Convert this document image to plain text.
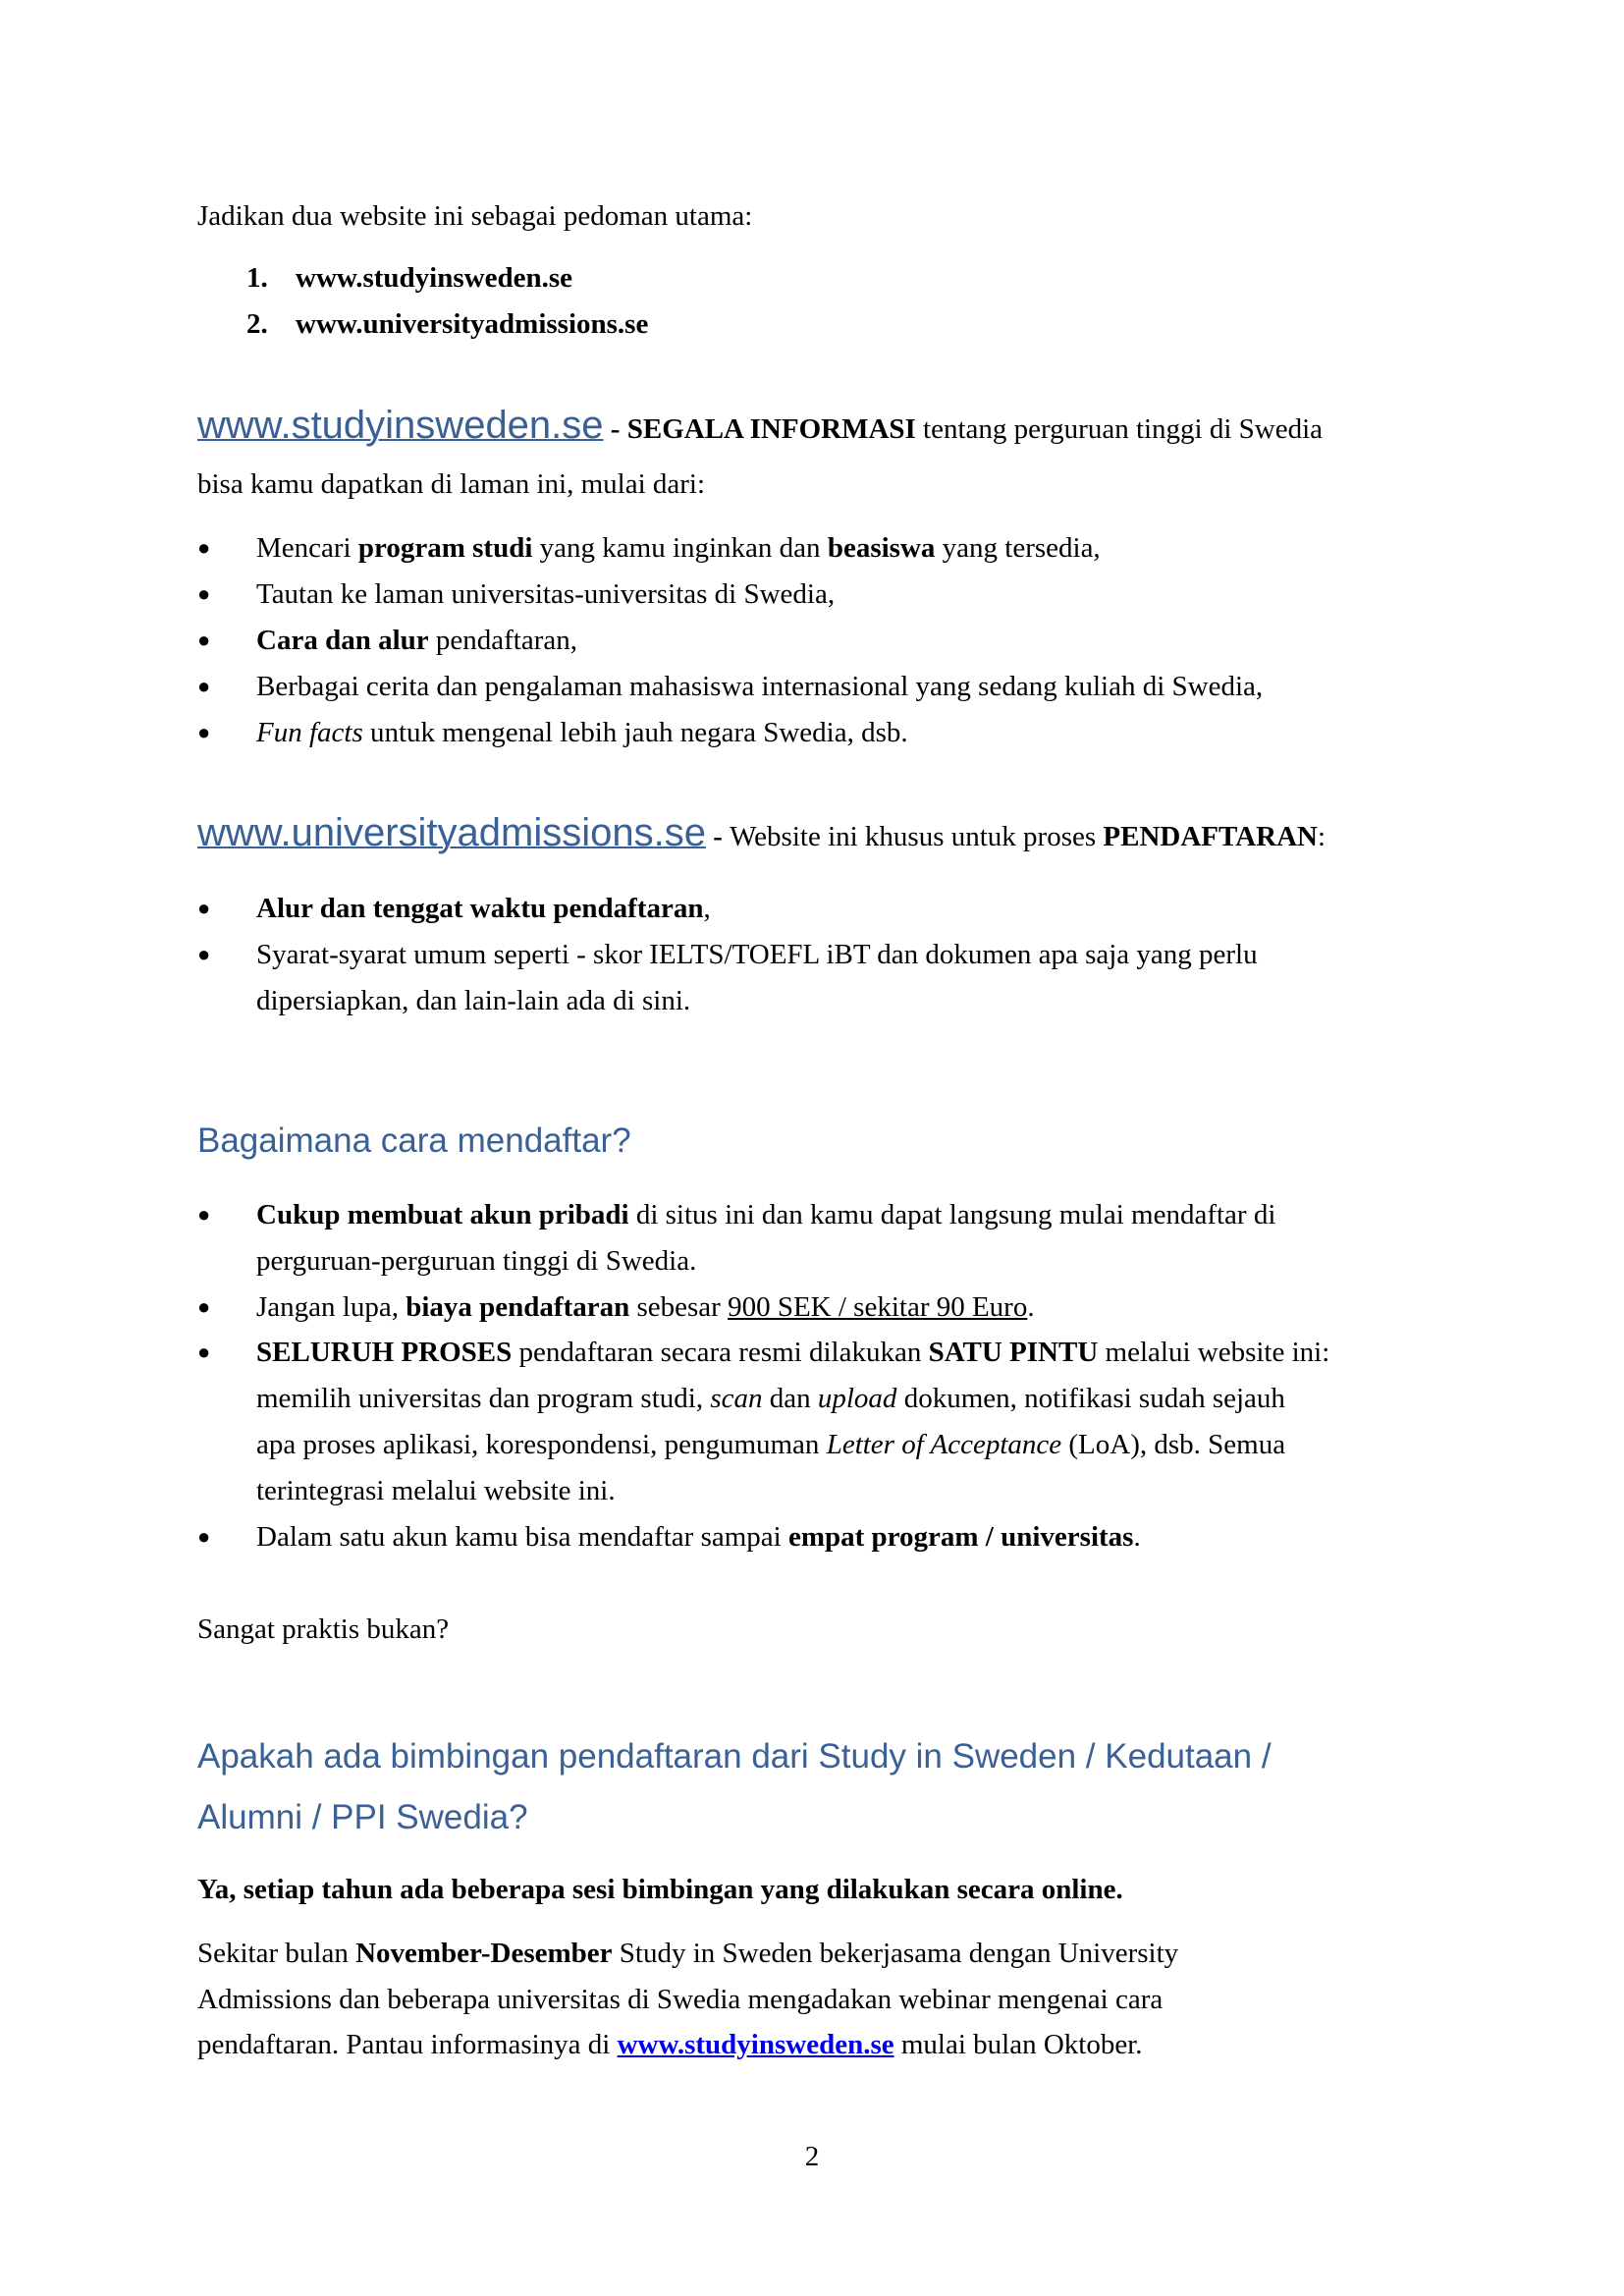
Jadikan dua website ini sebagai pedoman utama:
1. www.studyinsweden.se
2. www.universityadmissions.se
www.studyinsweden.se - SEGALA INFORMASI tentang perguruan tinggi di Swedia
bisa kamu dapatkan di laman ini, mulai dari:
● Mencari program studi yang kamu inginkan dan beasiswa yang tersedia,
● Tautan ke laman universitas-universitas di Swedia,
● Cara dan alur pendaftaran,
● Berbagai cerita dan pengalaman mahasiswa internasional yang sedang kuliah di Swedia,
● Fun facts untuk mengenal lebih jauh negara Swedia, dsb.
www.universityadmissions.se - Website ini khusus untuk proses PENDAFTARAN:
● Alur dan tenggat waktu pendaftaran,
● Syarat-syarat umum seperti - skor IELTS/TOEFL iBT dan dokumen apa saja yang perlu
dipersiapkan, dan lain-lain ada di sini.
● Cukup membuat akun pribadi di situs ini dan kamu dapat langsung mulai mendaftar di
perguruan-perguruan tinggi di Swedia.
● Jangan lupa, biaya pendaftaran sebesar 900 SEK / sekitar 90 Euro.
● SELURUH PROSES pendaftaran secara resmi dilakukan SATU PINTU melalui website ini:
memilih universitas dan program studi, scan dan upload dokumen, notifikasi sudah sejauh
apa proses aplikasi, korespondensi, pengumuman Letter of Acceptance (LoA), dsb. Semua
terintegrasi melalui website ini.
● Dalam satu akun kamu bisa mendaftar sampai empat program / universitas.
Sangat praktis bukan?
Ya, setiap tahun ada beberapa sesi bimbingan yang dilakukan secara online.
Sekitar bulan November-Desember Study in Sweden bekerjasama dengan University
Admissions dan beberapa universitas di Swedia mengadakan webinar mengenai cara
pendaftaran. Pantau informasinya di www.studyinsweden.se mulai bulan Oktober.
Bagaimana cara mendaftar?
Apakah ada bimbingan pendaftaran dari Study in Sweden / Kedutaan /
Alumni / PPI Swedia?
2
